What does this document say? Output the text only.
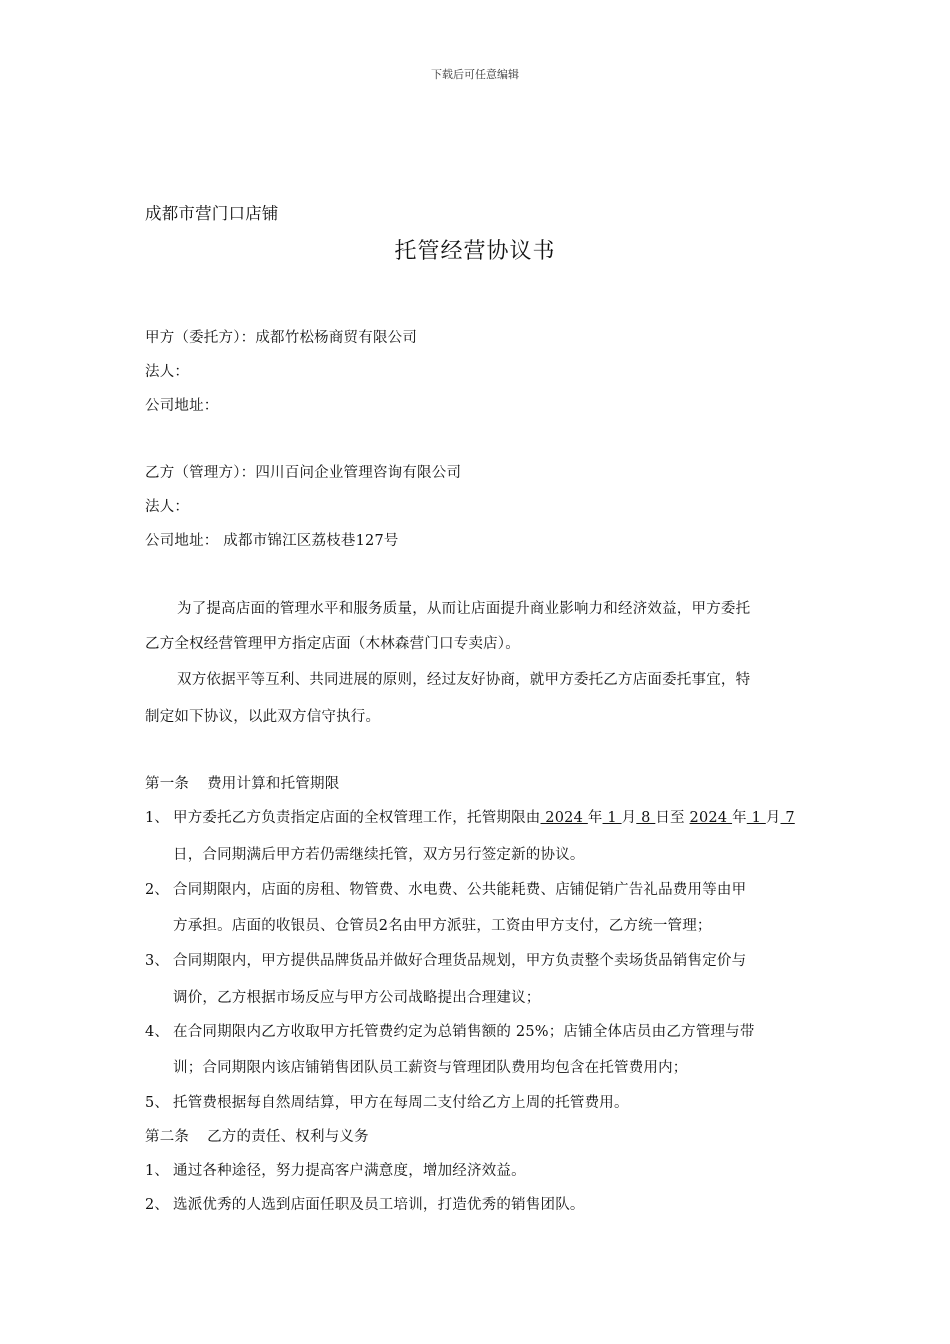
下载后可任意编辑
成都市营门口店铺
托管经营协议书
甲方（委托方）：成都竹松杨商贸有限公司
法人：
公司地址：
乙方（管理方）：四川百问企业管理咨询有限公司
法人：
公司地址： 成都市锦江区荔枝巷127号
为了提高店面的管理水平和服务质量，从而让店面提升商业影响力和经济效益，甲方委托
乙方全权经营管理甲方指定店面（木林森营门口专卖店）。
双方依据平等互利、共同进展的原则，经过友好协商，就甲方委托乙方店面委托事宜，特
制定如下协议，以此双方信守执行。
第一条 费用计算和托管期限
1、 甲方委托乙方负责指定店面的全权管理工作，托管期限由 2024 年 1 月 8 日至 2024 年 1 月 7
日，合同期满后甲方若仍需继续托管，双方另行签定新的协议。
2、 合同期限内，店面的房租、物管费、水电费、公共能耗费、店铺促销广告礼品费用等由甲
方承担。店面的收银员、仓管员2名由甲方派驻，工资由甲方支付，乙方统一管理；
3、 合同期限内，甲方提供品牌货品并做好合理货品规划，甲方负责整个卖场货品销售定价与
调价，乙方根据市场反应与甲方公司战略提出合理建议；
4、 在合同期限内乙方收取甲方托管费约定为总销售额的 25%；店铺全体店员由乙方管理与带
训；合同期限内该店铺销售团队员工薪资与管理团队费用均包含在托管费用内；
5、 托管费根据每自然周结算，甲方在每周二支付给乙方上周的托管费用。
第二条 乙方的责任、权利与义务
1、 通过各种途径，努力提高客户满意度，增加经济效益。
2、 选派优秀的人选到店面任职及员工培训，打造优秀的销售团队。
